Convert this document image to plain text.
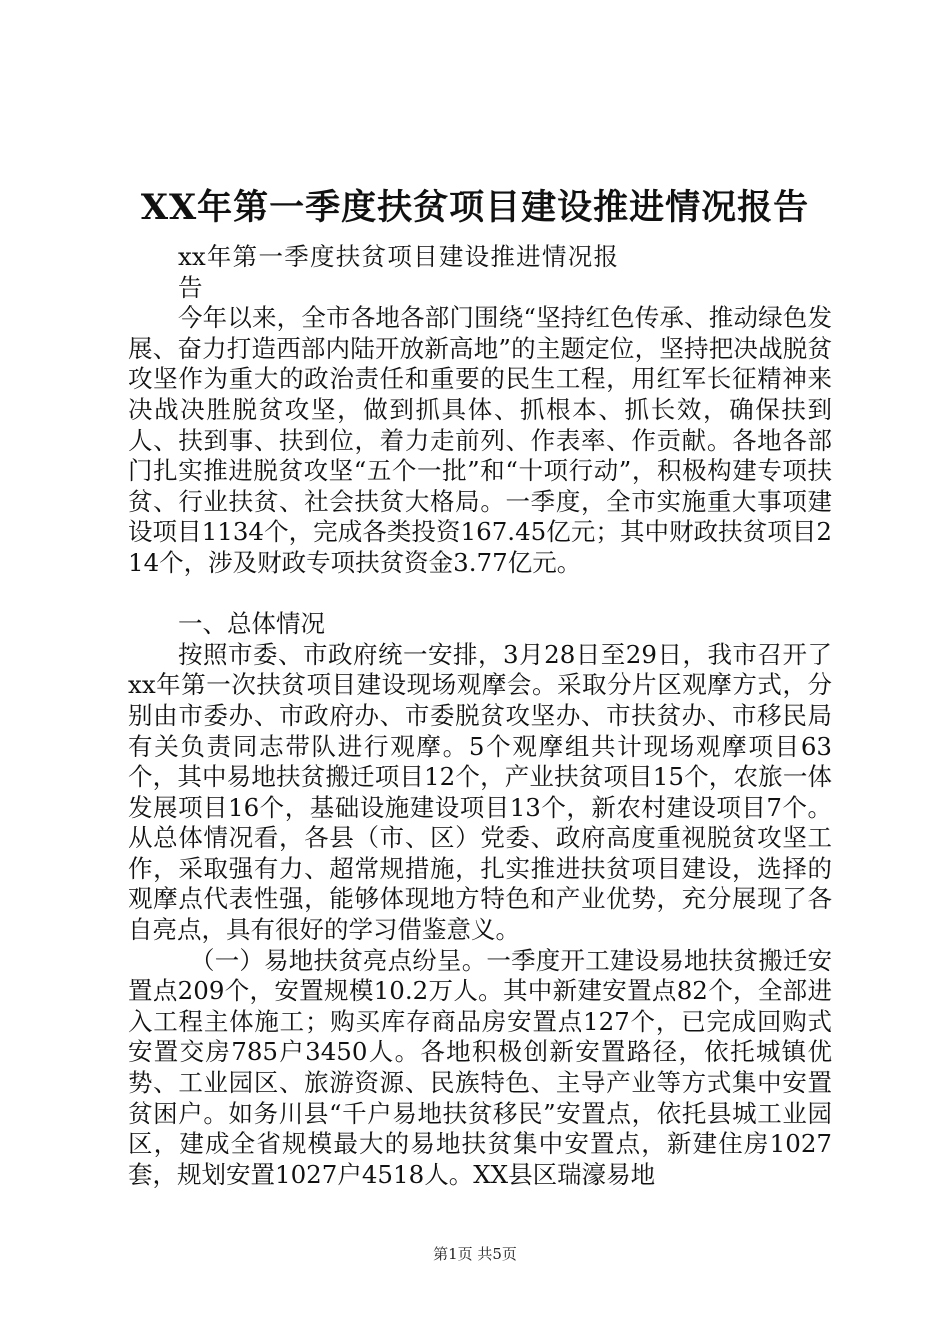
XX年第一季度扶贫项目建设推进情况报告

xx年第一季度扶贫项目建设推进情况报告

今年以来，全市各地各部门围绕“坚持红色传承、推动绿色发展、奋力打造西部内陆开放新高地”的主题定位，坚持把决战脱贫攻坚作为重大的政治责任和重要的民生工程，用红军长征精神来决战决胜脱贫攻坚，做到抓具体、抓根本、抓长效，确保扶到人、扶到事、扶到位，着力走前列、作表率、作贡献。各地各部门扎实推进脱贫攻坚“五个一批”和“十项行动”，积极构建专项扶贫、行业扶贫、社会扶贫大格局。一季度，全市实施重大事项建设项目1134个，完成各类投资167.45亿元；其中财政扶贫项目214个，涉及财政专项扶贫资金3.77亿元。

一、总体情况

按照市委、市政府统一安排，3月28日至29日，我市召开了xx年第一次扶贫项目建设现场观摩会。采取分片区观摩方式，分别由市委办、市政府办、市委脱贫攻坚办、市扶贫办、市移民局有关负责同志带队进行观摩。5个观摩组共计现场观摩项目63个，其中易地扶贫搬迁项目12个，产业扶贫项目15个，农旅一体发展项目16个，基础设施建设项目13个，新农村建设项目7个。从总体情况看，各县（市、区）党委、政府高度重视脱贫攻坚工作，采取强有力、超常规措施，扎实推进扶贫项目建设，选择的观摩点代表性强，能够体现地方特色和产业优势，充分展现了各自亮点，具有很好的学习借鉴意义。

（一）易地扶贫亮点纷呈。一季度开工建设易地扶贫搬迁安置点209个，安置规模10.2万人。其中新建安置点82个，全部进入工程主体施工；购买库存商品房安置点127个，已完成回购式安置交房785户3450人。各地积极创新安置路径，依托城镇优势、工业园区、旅游资源、民族特色、主导产业等方式集中安置贫困户。如务川县“千户易地扶贫移民”安置点，依托县城工业园区，建成全省规模最大的易地扶贫集中安置点，新建住房1027套，规划安置1027户4518人。XX县区瑞濠易地

第1页 共5页
